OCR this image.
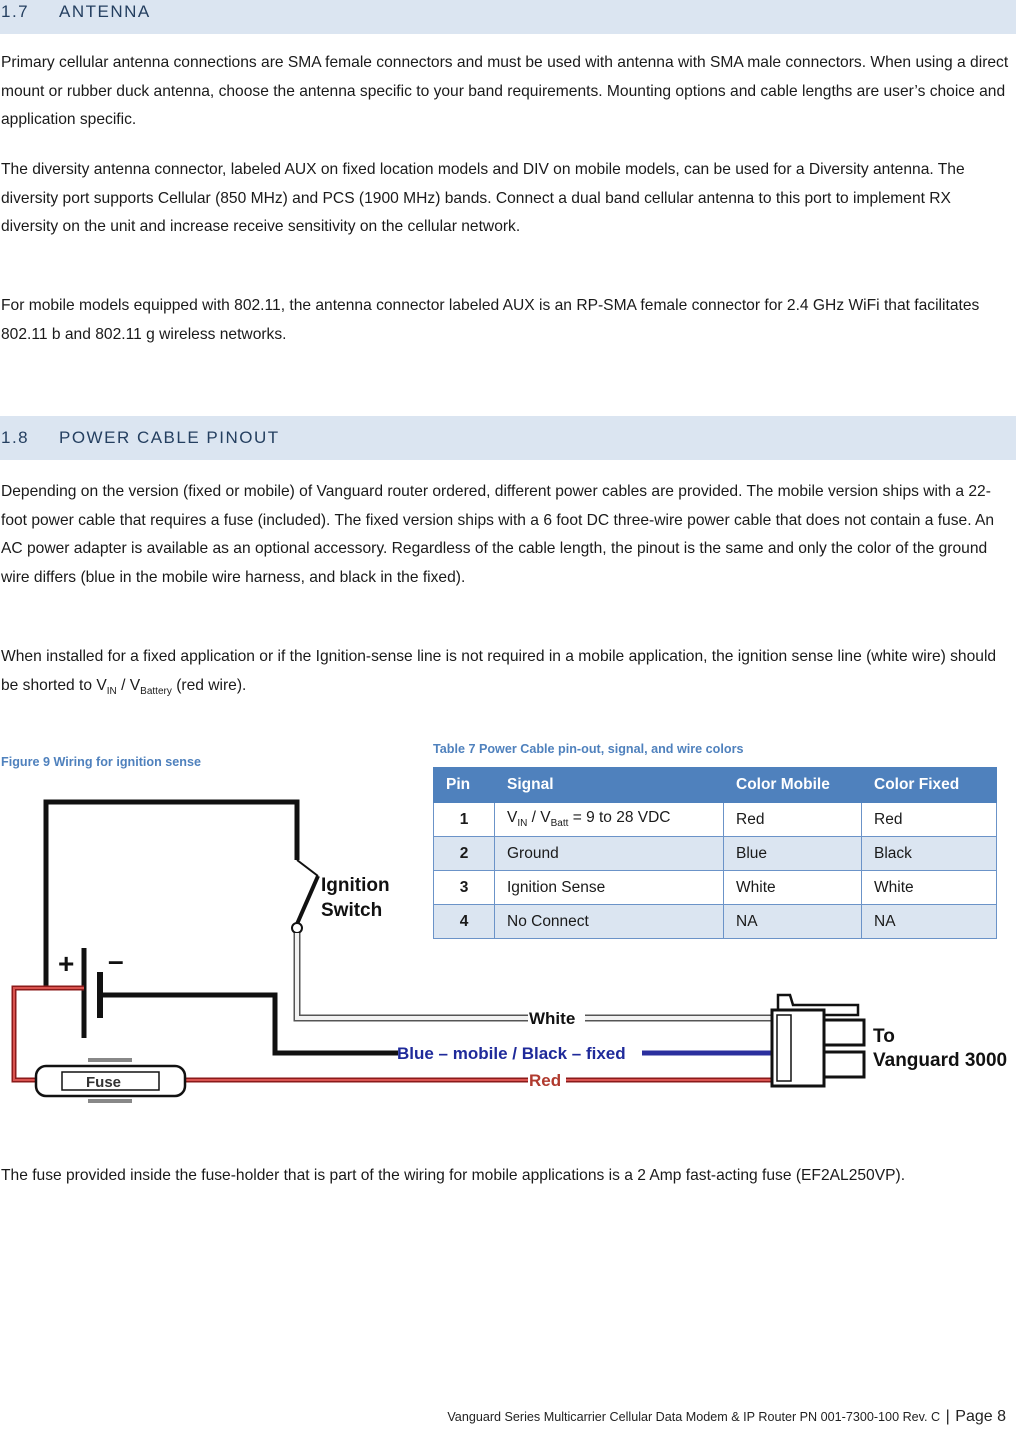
1.7 ANTENNA

Primary cellular antenna connections are SMA female connectors and must be used with antenna with SMA male connectors. When using a direct mount or rubber duck antenna, choose the antenna specific to your band requirements. Mounting options and cable lengths are user’s choice and application specific.

The diversity antenna connector, labeled AUX on fixed location models and DIV on mobile models, can be used for a Diversity antenna. The diversity port supports Cellular (850 MHz) and PCS (1900 MHz) bands. Connect a dual band cellular antenna to this port to implement RX diversity on the unit and increase receive sensitivity on the cellular network.

For mobile models equipped with 802.11, the antenna connector labeled AUX is an RP-SMA female connector for 2.4 GHz WiFi that facilitates 802.11 b and 802.11 g wireless networks.

1.8 POWER CABLE PINOUT

Depending on the version (fixed or mobile) of Vanguard router ordered, different power cables are provided. The mobile version ships with a 22-foot power cable that requires a fuse (included). The fixed version ships with a 6 foot DC three-wire power cable that does not contain a fuse. An AC power adapter is available as an optional accessory. Regardless of the cable length, the pinout is the same and only the color of the ground wire differs (blue in the mobile wire harness, and black in the fixed).

When installed for a fixed application or if the Ignition-sense line is not required in a mobile application, the ignition sense line (white wire) should be shorted to $V_{IN} / V_{Battery}$ (red wire).

Table 7 Power Cable pin-out, signal, and wire colors
Figure 9 Wiring for ignition sense
+ –
Fuse
Ignition
Switch
White
Blue – mobile / Black – fixed
Red
To
Vanguard 3000
Pin	Signal	Color Mobile	Color Fixed
1	$V_{IN} / V_{Batt} = 9$ to 28 VDC	Red	Red
2	Ground	Blue	Black
3	Ignition Sense	White	White
4	No Connect	NA	NA

The fuse provided inside the fuse-holder that is part of the wiring for mobile applications is a 2 Amp fast-acting fuse (EF2AL250VP).

Vanguard Series Multicarrier Cellular Data Modem & IP Router PN 001-7300-100 Rev. C | Page 8
